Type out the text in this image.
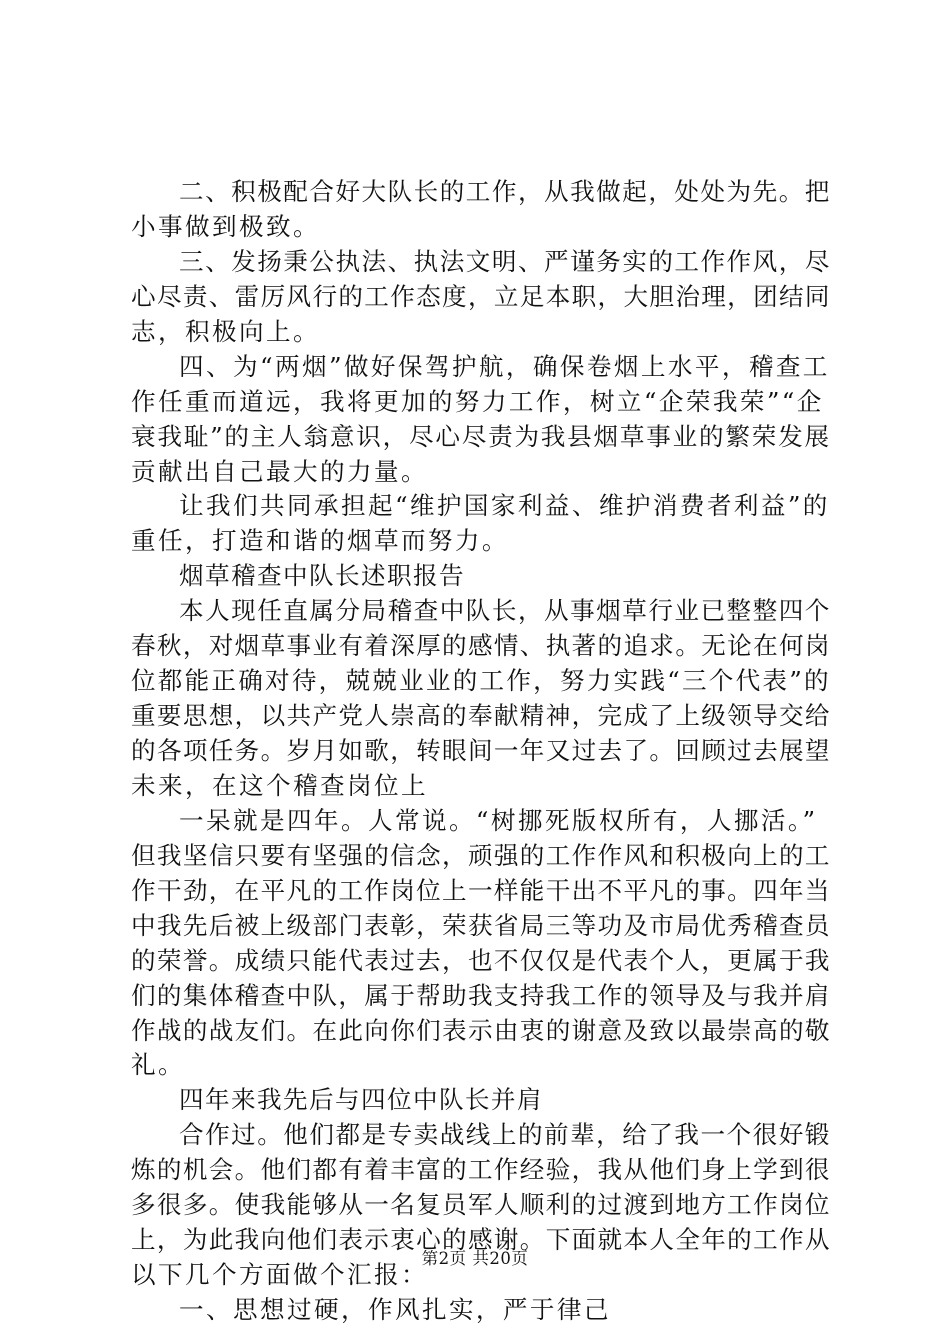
二、积极配合好大队长的工作，从我做起，处处为先。把
小事做到极致。
三、发扬秉公执法、执法文明、严谨务实的工作作风，尽
心尽责、雷厉风行的工作态度，立足本职，大胆治理，团结同
志，积极向上。
四、为“两烟”做好保驾护航，确保卷烟上水平，稽查工
作任重而道远，我将更加的努力工作，树立“企荣我荣”“企
衰我耻”的主人翁意识，尽心尽责为我县烟草事业的繁荣发展
贡献出自己最大的力量。
让我们共同承担起“维护国家利益、维护消费者利益”的
重任，打造和谐的烟草而努力。
烟草稽查中队长述职报告
本人现任直属分局稽查中队长，从事烟草行业已整整四个
春秋，对烟草事业有着深厚的感情、执著的追求。无论在何岗
位都能正确对待，兢兢业业的工作，努力实践“三个代表”的
重要思想，以共产党人崇高的奉献精神，完成了上级领导交给
的各项任务。岁月如歌，转眼间一年又过去了。回顾过去展望
未来，在这个稽查岗位上
一呆就是四年。人常说。“树挪死版权所有，人挪活。”
但我坚信只要有坚强的信念，顽强的工作作风和积极向上的工
作干劲，在平凡的工作岗位上一样能干出不平凡的事。四年当
中我先后被上级部门表彰，荣获省局三等功及市局优秀稽查员
的荣誉。成绩只能代表过去，也不仅仅是代表个人，更属于我
们的集体稽查中队，属于帮助我支持我工作的领导及与我并肩
作战的战友们。在此向你们表示由衷的谢意及致以最崇高的敬
礼。
四年来我先后与四位中队长并肩
合作过。他们都是专卖战线上的前辈，给了我一个很好锻
炼的机会。他们都有着丰富的工作经验，我从他们身上学到很
多很多。使我能够从一名复员军人顺利的过渡到地方工作岗位
上，为此我向他们表示衷心的感谢。下面就本人全年的工作从
以下几个方面做个汇报：
一、思想过硬，作风扎实，严于律己
第2页 共20页
